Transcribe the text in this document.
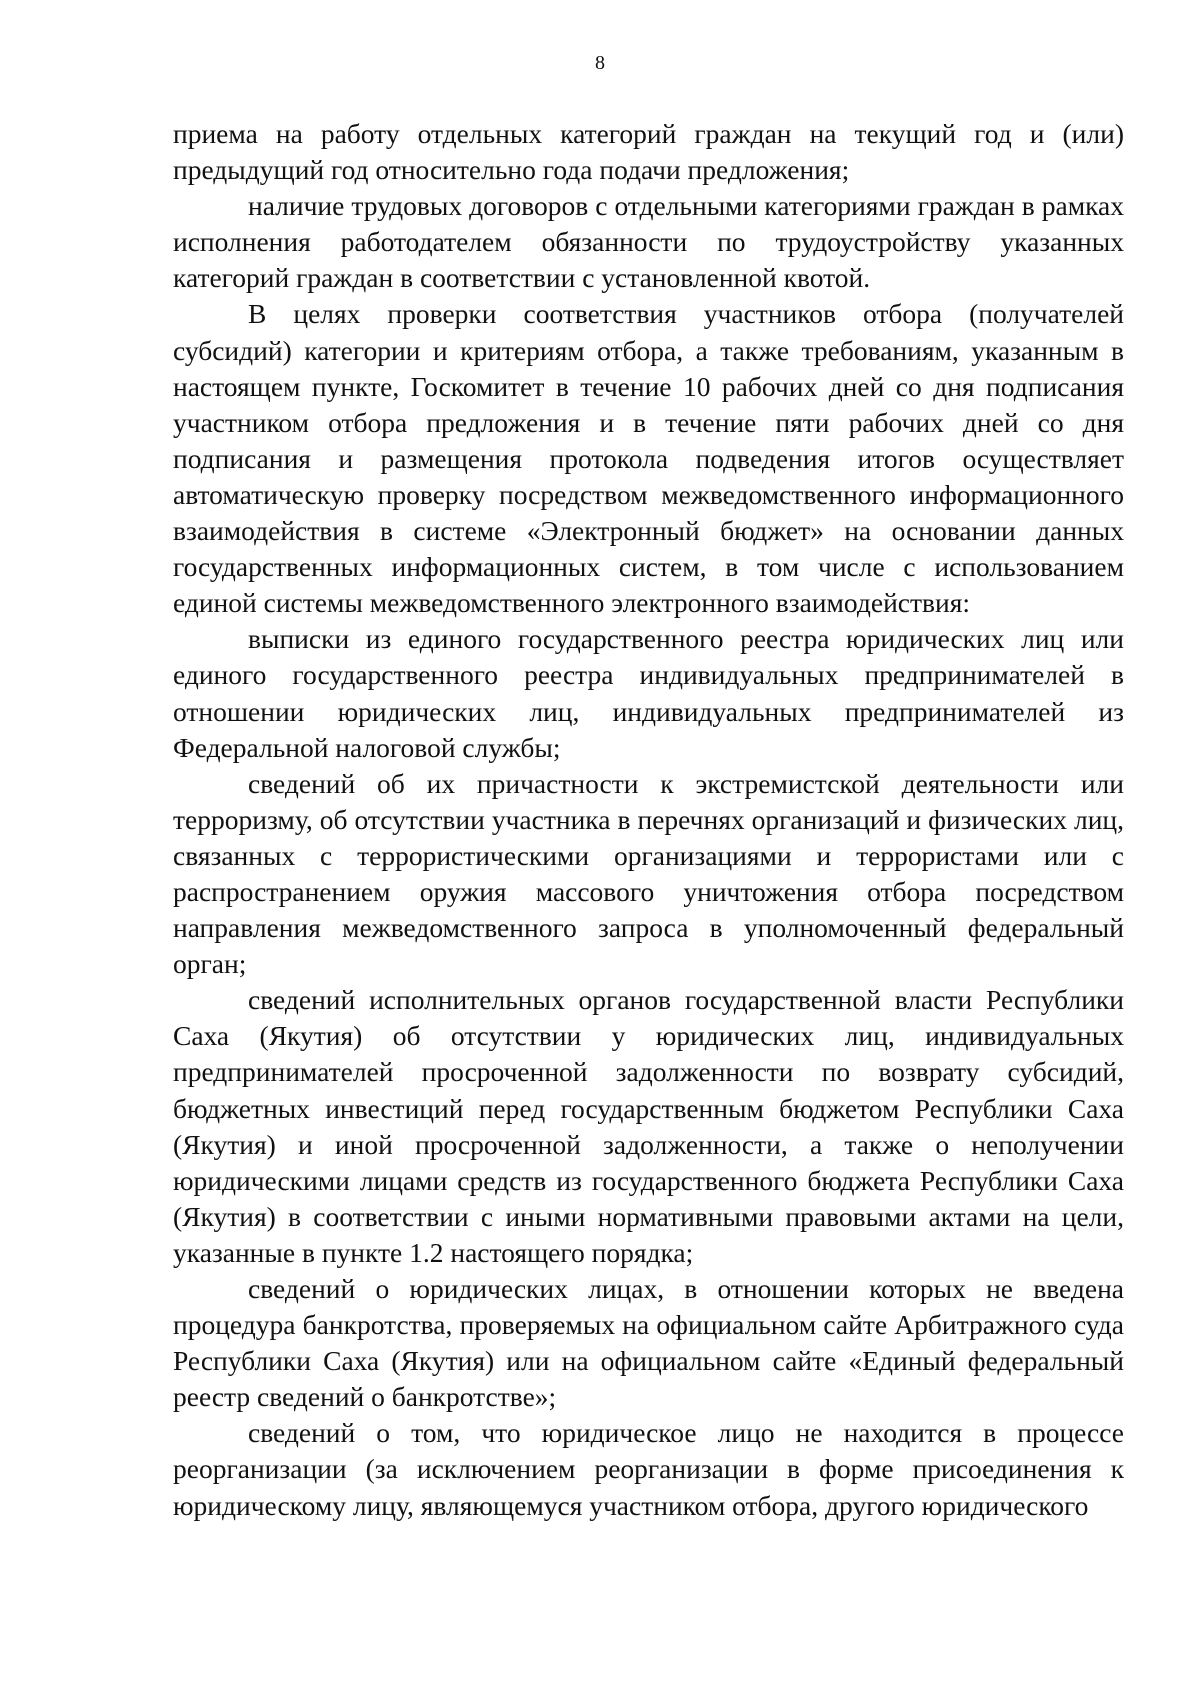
8

приема на работу отдельных категорий граждан на текущий год и (или) предыдущий год относительно года подачи предложения;

наличие трудовых договоров с отдельными категориями граждан в рамках исполнения работодателем обязанности по трудоустройству указанных категорий граждан в соответствии с установленной квотой.

В целях проверки соответствия участников отбора (получателей субсидий) категории и критериям отбора, а также требованиям, указанным в настоящем пункте, Госкомитет в течение 10 рабочих дней со дня подписания участником отбора предложения и в течение пяти рабочих дней со дня подписания и размещения протокола подведения итогов осуществляет автоматическую проверку посредством межведомственного информационного взаимодействия в системе «Электронный бюджет» на основании данных государственных информационных систем, в том числе с использованием единой системы межведомственного электронного взаимодействия:

выписки из единого государственного реестра юридических лиц или единого государственного реестра индивидуальных предпринимателей в отношении юридических лиц, индивидуальных предпринимателей из Федеральной налоговой службы;

сведений об их причастности к экстремистской деятельности или терроризму, об отсутствии участника в перечнях организаций и физических лиц, связанных с террористическими организациями и террористами или с распространением оружия массового уничтожения отбора посредством направления межведомственного запроса в уполномоченный федеральный орган;

сведений исполнительных органов государственной власти Республики Саха (Якутия) об отсутствии у юридических лиц, индивидуальных предпринимателей просроченной задолженности по возврату субсидий, бюджетных инвестиций перед государственным бюджетом Республики Саха (Якутия) и иной просроченной задолженности, а также о неполучении юридическими лицами средств из государственного бюджета Республики Саха (Якутия) в соответствии с иными нормативными правовыми актами на цели, указанные в пункте 1.2 настоящего порядка;

сведений о юридических лицах, в отношении которых не введена процедура банкротства, проверяемых на официальном сайте Арбитражного суда Республики Саха (Якутия) или на официальном сайте «Единый федеральный реестр сведений о банкротстве»;

сведений о том, что юридическое лицо не находится в процессе реорганизации (за исключением реорганизации в форме присоединения к юридическому лицу, являющемуся участником отбора, другого юридического
